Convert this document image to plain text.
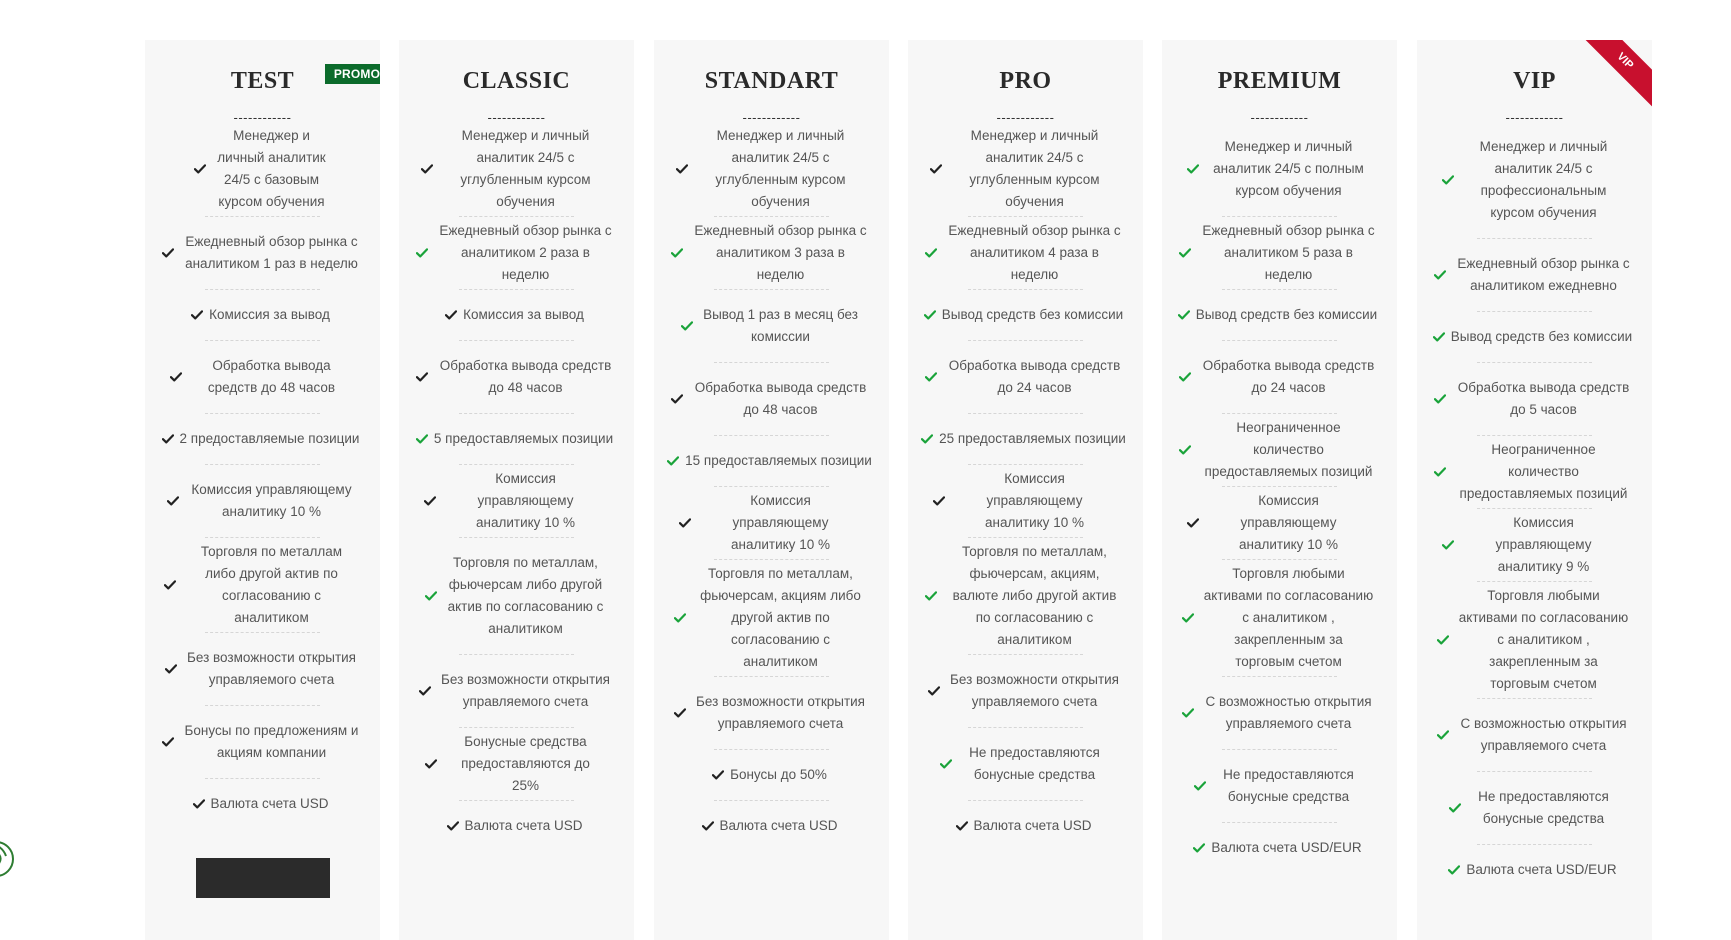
TEST
------------
PROMO
Менеджер и личный аналитик 24/5 с базовым курсом обучения
Ежедневный обзор рынка с аналитиком 1 раз в неделю
Комиссия за вывод
Обработка вывода средств до 48 часов
2 предоставляемые позиции
Комиссия управляющему аналитику 10 %
Торговля по металлам либо другой актив по согласованию с аналитиком
Без возможности открытия управляемого счета
Бонусы по предложениям и акциям компании
Валюта счета USD
CLASSIC
------------
Менеджер и личный аналитик 24/5 с углубленным курсом обучения
Ежедневный обзор рынка с аналитиком 2 раза в неделю
Комиссия за вывод
Обработка вывода средств до 48 часов
5 предоставляемых позиции
Комиссия управляющему аналитику 10 %
Торговля по металлам, фьючерсам либо другой актив по согласованию с аналитиком
Без возможности открытия управляемого счета
Бонусные средства предоставляются до 25%
Валюта счета USD
STANDART
------------
Менеджер и личный аналитик 24/5 с углубленным курсом обучения
Ежедневный обзор рынка с аналитиком 3 раза в неделю
Вывод 1 раз в месяц без комиссии
Обработка вывода средств до 48 часов
15 предоставляемых позиции
Комиссия управляющему аналитику 10 %
Торговля по металлам, фьючерсам, акциям либо другой актив по согласованию с аналитиком
Без возможности открытия управляемого счета
Бонусы до 50%
Валюта счета USD
PRO
------------
Менеджер и личный аналитик 24/5 с углубленным курсом обучения
Ежедневный обзор рынка с аналитиком 4 раза в неделю
Вывод средств без комиссии
Обработка вывода средств до 24 часов
25 предоставляемых позиции
Комиссия управляющему аналитику 10 %
Торговля по металлам, фьючерсам, акциям, валюте либо другой актив по согласованию с аналитиком
Без возможности открытия управляемого счета
Не предоставляются бонусные средства
Валюта счета USD
PREMIUM
------------
Менеджер и личный аналитик 24/5 с полным курсом обучения
Ежедневный обзор рынка с аналитиком 5 раза в неделю
Вывод средств без комиссии
Обработка вывода средств до 24 часов
Неограниченное количество предоставляемых позиций
Комиссия управляющему аналитику 10 %
Торговля любыми активами по согласованию с аналитиком , закрепленным за торговым счетом
С возможностью открытия управляемого счета
Не предоставляются бонусные средства
Валюта счета USD/EUR
VIP
------------
VIP
Менеджер и личный аналитик 24/5 с профессиональным курсом обучения
Ежедневный обзор рынка с аналитиком ежедневно
Вывод средств без комиссии
Обработка вывода средств до 5 часов
Неограниченное количество предоставляемых позиций
Комиссия управляющему аналитику 9 %
Торговля любыми активами по согласованию с аналитиком , закрепленным за торговым счетом
С возможностью открытия управляемого счета
Не предоставляются бонусные средства
Валюта счета USD/EUR
